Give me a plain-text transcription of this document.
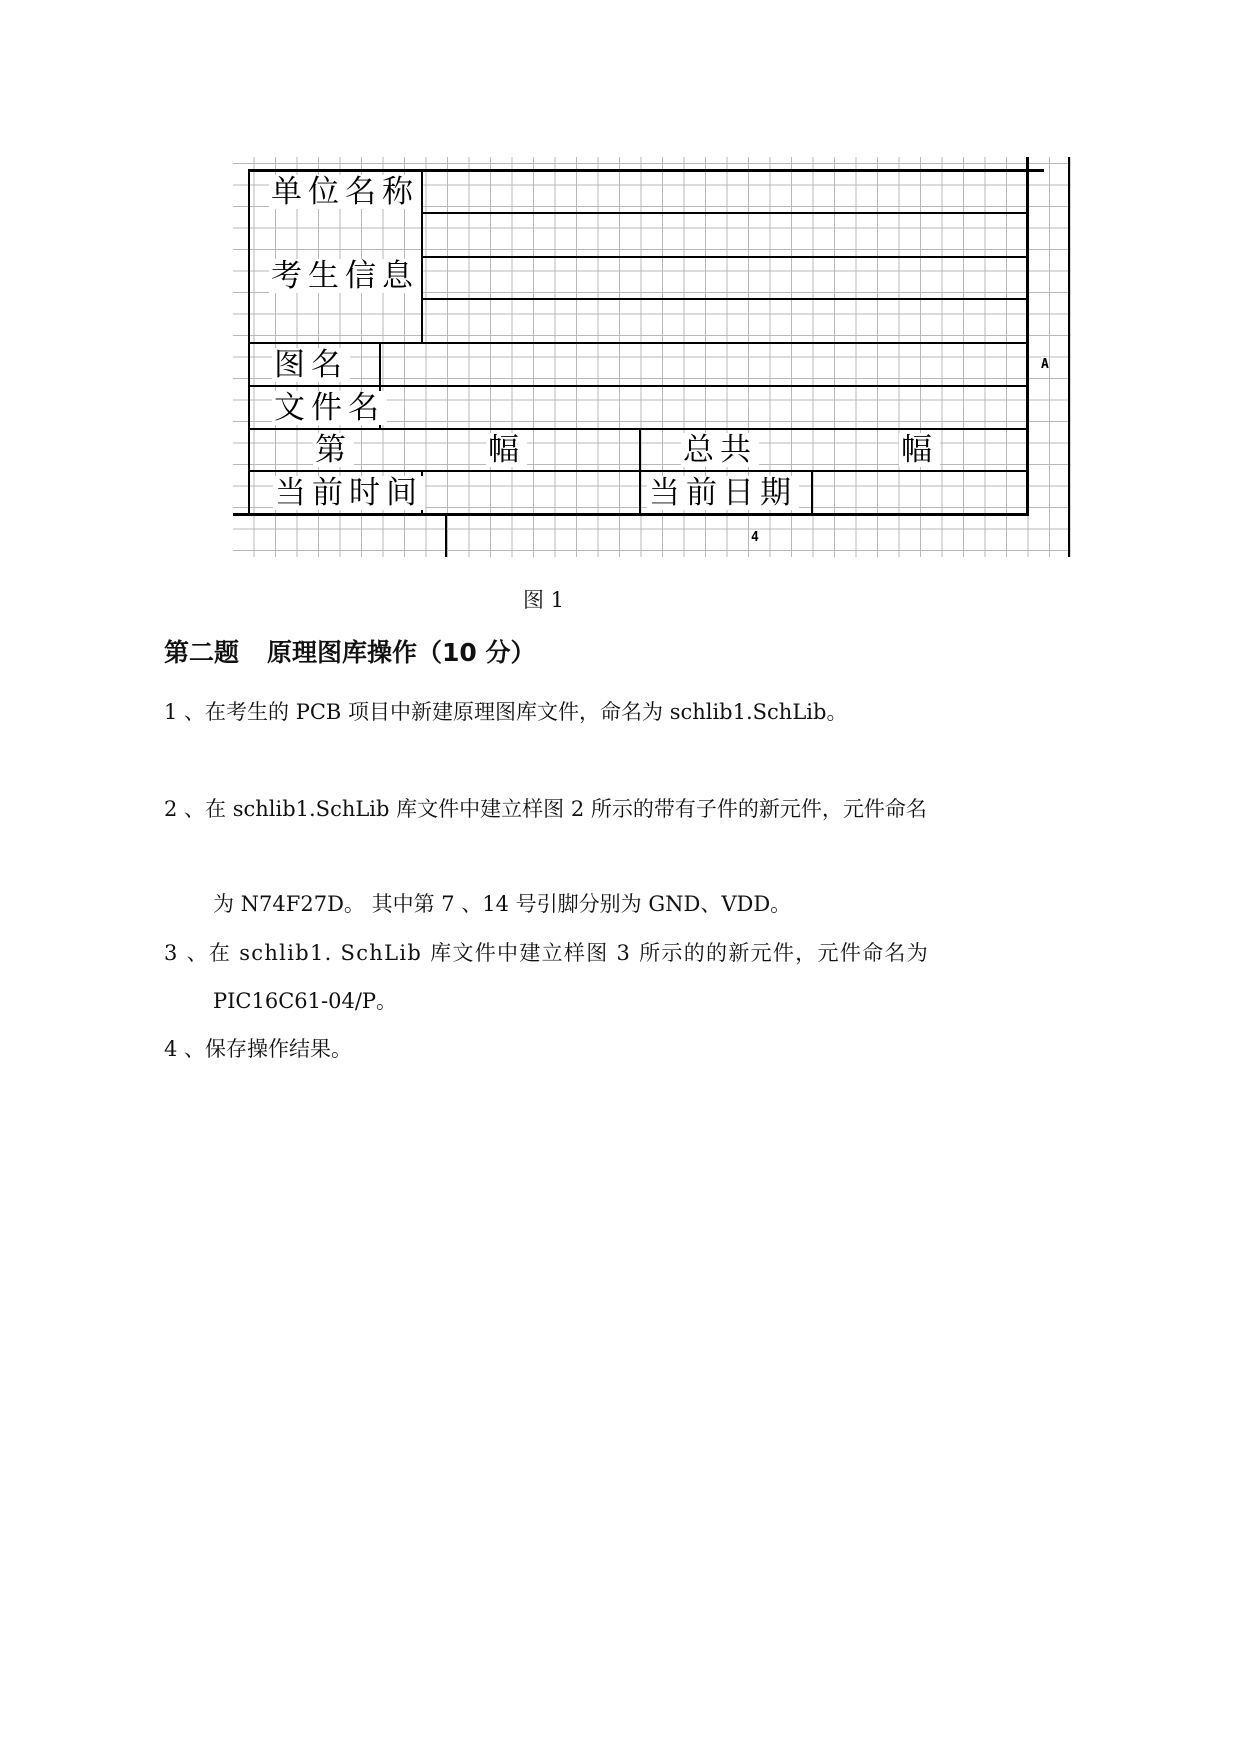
单位名称
考生信息
图名
文件名
第	幅	总共	幅
当前时间	当前日期
A
4
图 1
第二题 原理图库操作（10 分）

1 、在考生的 PCB 项目中新建原理图库文件，命名为 schlib1.SchLib。

2 、在 schlib1.SchLib 库文件中建立样图 2 所示的带有子件的新元件，元件命名

为 N74F27D。 其中第 7 、14 号引脚分别为 GND、VDD。

3 、在 schlib1. SchLib 库文件中建立样图 3 所示的的新元件，元件命名为

PIC16C61-04/P。

4 、保存操作结果。
